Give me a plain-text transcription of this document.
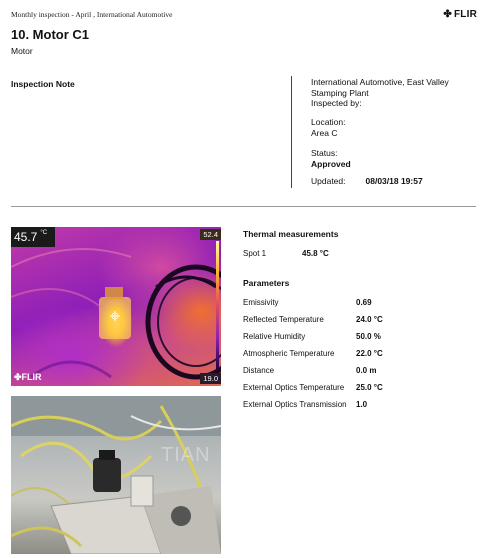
Monthly inspection - April , International Automotive	✤ FLIR
10. Motor C1
Motor
Inspection Note	International Automotive, East Valley
Stamping Plant
Inspected by:
Location:
Area C
Status:
Approved
Updated: 08/03/18 19:57
45.7 $^{^\circ C}$	52.4
19.0
✤FLIR
TIAN
Thermal measurements
Spot 1	45.8 °C
Parameters
Emissivity	0.69
Reflected Temperature	24.0 °C
Relative Humidity	50.0 %
Atmospheric Temperature	22.0 °C
Distance	0.0 m
External Optics Temperature 25.0 °C
External Optics Transmission 1.0
